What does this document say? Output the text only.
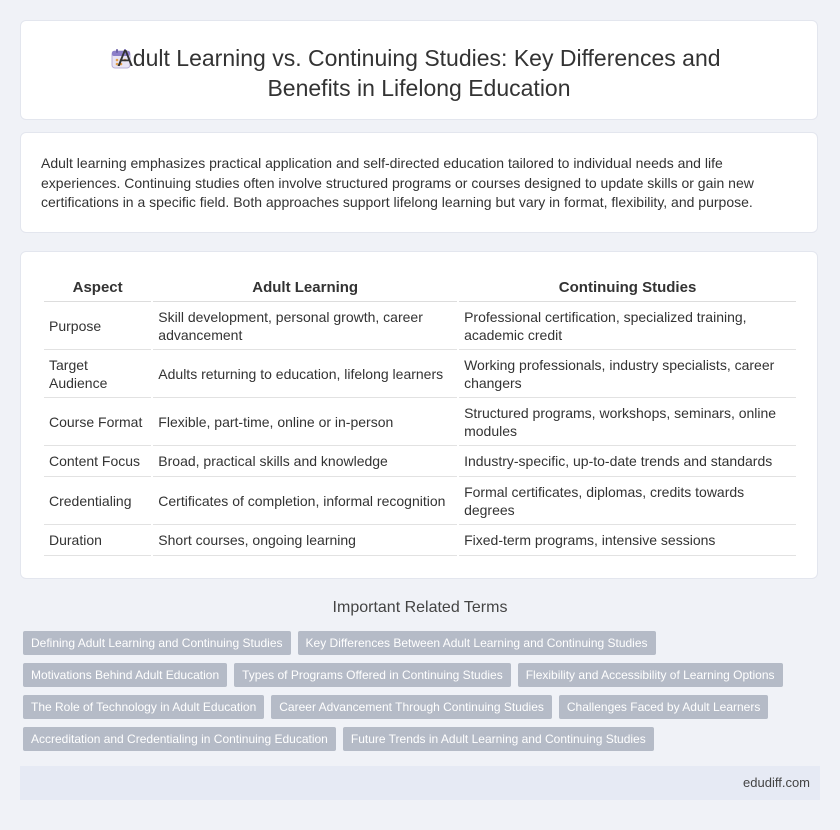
Adult Learning vs. Continuing Studies: Key Differences and
Benefits in Lifelong Education

Adult learning emphasizes practical application and self-directed education tailored to individual needs and life experiences. Continuing studies often involve structured programs or courses designed to update skills or gain new certifications in a specific field. Both approaches support lifelong learning but vary in format, flexibility, and purpose.

Aspect	Adult Learning	Continuing Studies
Purpose	Skill development, personal growth, career advancement	Professional certification, specialized training, academic credit
Target Audience	Adults returning to education, lifelong learners	Working professionals, industry specialists, career changers
Course Format	Flexible, part-time, online or in-person	Structured programs, workshops, seminars, online modules
Content Focus	Broad, practical skills and knowledge	Industry-specific, up-to-date trends and standards
Credentialing	Certificates of completion, informal recognition	Formal certificates, diplomas, credits towards degrees
Duration	Short courses, ongoing learning	Fixed-term programs, intensive sessions
Important Related Terms
Defining Adult Learning and Continuing Studies	Key Differences Between Adult Learning and Continuing Studies
Motivations Behind Adult Education	Types of Programs Offered in Continuing Studies	Flexibility and Accessibility of Learning Options
The Role of Technology in Adult Education	Career Advancement Through Continuing Studies	Challenges Faced by Adult Learners
Accreditation and Credentialing in Continuing Education	Future Trends in Adult Learning and Continuing Studies
edudiff.com
